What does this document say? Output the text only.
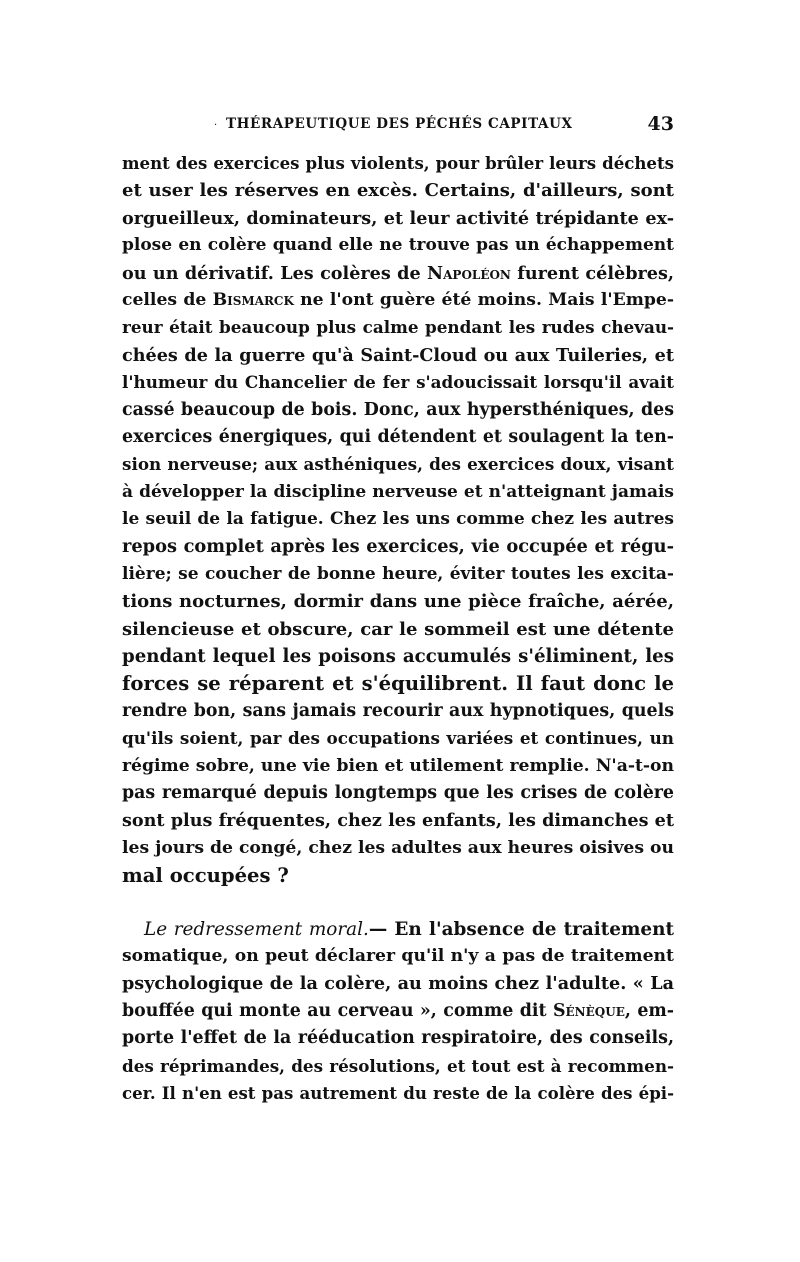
· THÉRAPEUTIQUE DES PÉCHÉS CAPITAUX	43
ment des exercices plus violents, pour brûler leurs déchets
et user les réserves en excès. Certains, d'ailleurs, sont
orgueilleux, dominateurs, et leur activité trépidante ex-
plose en colère quand elle ne trouve pas un échappement
ou un dérivatif. Les colères de Napoléon furent célèbres,
celles de Bismarck ne l'ont guère été moins. Mais l'Empe-
reur était beaucoup plus calme pendant les rudes chevau-
chées de la guerre qu'à Saint-Cloud ou aux Tuileries, et
l'humeur du Chancelier de fer s'adoucissait lorsqu'il avait
cassé beaucoup de bois. Donc, aux hypersthéniques, des
exercices énergiques, qui détendent et soulagent la ten-
sion nerveuse; aux asthéniques, des exercices doux, visant
à développer la discipline nerveuse et n'atteignant jamais
le seuil de la fatigue. Chez les uns comme chez les autres
repos complet après les exercices, vie occupée et régu-
lière; se coucher de bonne heure, éviter toutes les excita-
tions nocturnes, dormir dans une pièce fraîche, aérée,
silencieuse et obscure, car le sommeil est une détente
pendant lequel les poisons accumulés s'éliminent, les
forces se réparent et s'équilibrent. Il faut donc le
rendre bon, sans jamais recourir aux hypnotiques, quels
qu'ils soient, par des occupations variées et continues, un
régime sobre, une vie bien et utilement remplie. N'a-t-on
pas remarqué depuis longtemps que les crises de colère
sont plus fréquentes, chez les enfants, les dimanches et
les jours de congé, chez les adultes aux heures oisives ou
mal occupées ?
Le redressement moral.— En l'absence de traitement
somatique, on peut déclarer qu'il n'y a pas de traitement
psychologique de la colère, au moins chez l'adulte. « La
bouffée qui monte au cerveau », comme dit Sénèque, em-
porte l'effet de la rééducation respiratoire, des conseils,
des réprimandes, des résolutions, et tout est à recommen-
cer. Il n'en est pas autrement du reste de la colère des épi-
